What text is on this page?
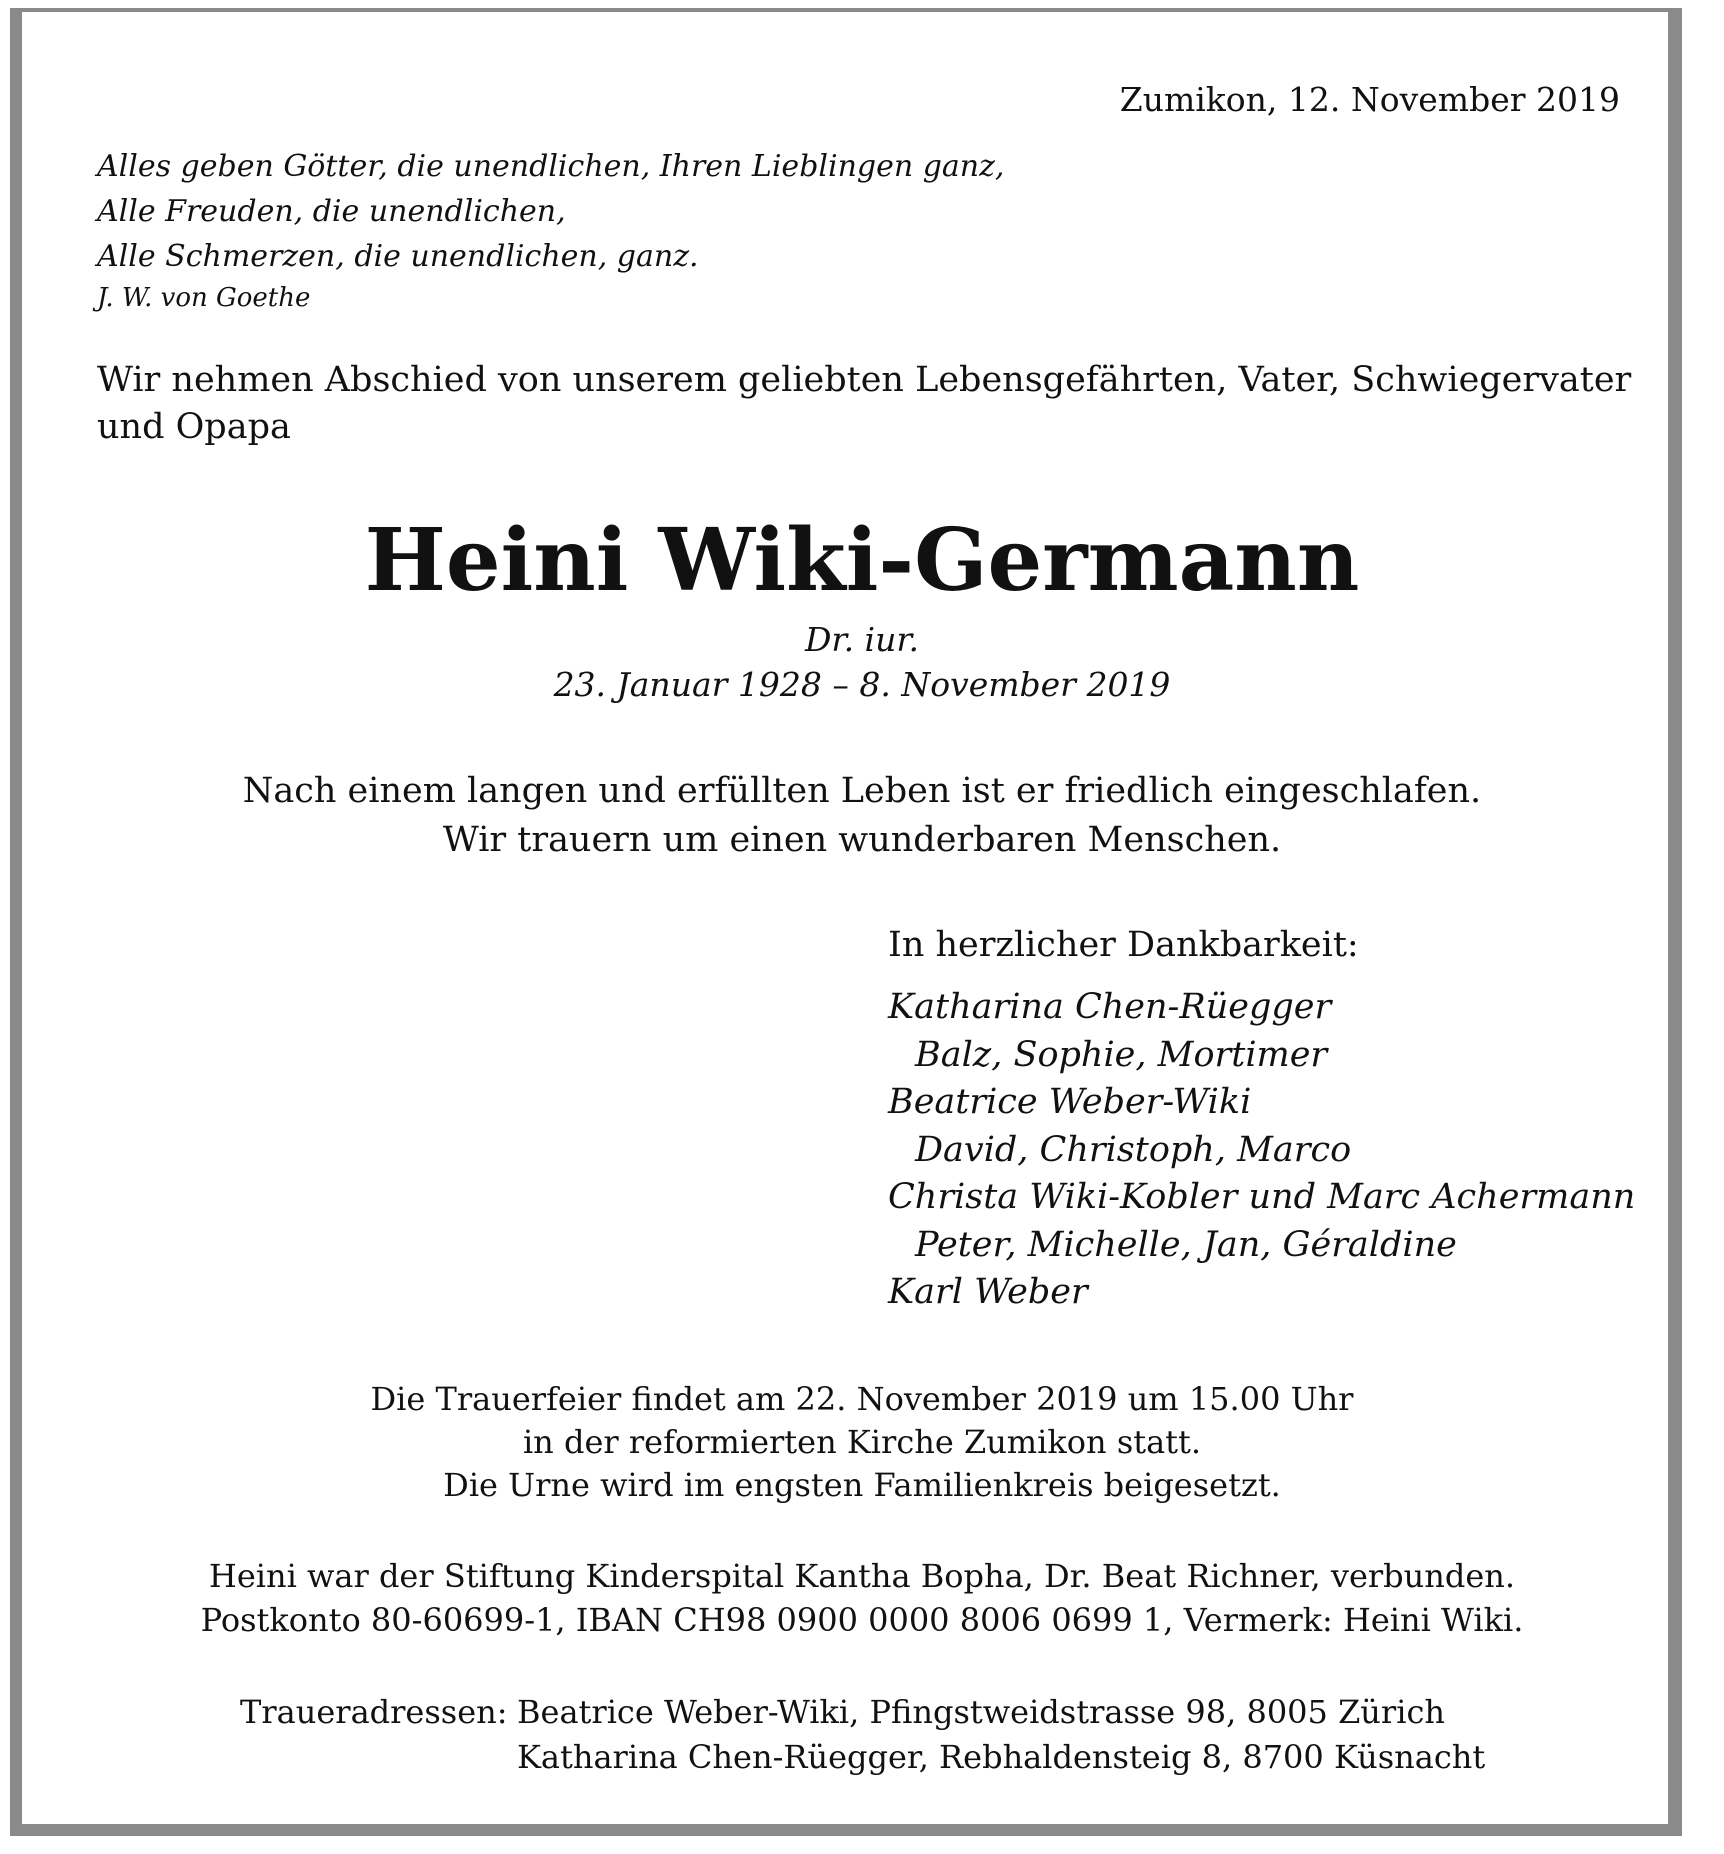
Zumikon, 12. November 2019
Alles geben Götter, die unendlichen, Ihren Lieblingen ganz,
Alle Freuden, die unendlichen,
Alle Schmerzen, die unendlichen, ganz.
J. W. von Goethe
Wir nehmen Abschied von unserem geliebten Lebensgefährten, Vater, Schwiegervater
und Opapa
Heini Wiki-Germann
Dr. iur.
23. Januar 1928 – 8. November 2019
Nach einem langen und erfüllten Leben ist er friedlich eingeschlafen.
Wir trauern um einen wunderbaren Menschen.
In herzlicher Dankbarkeit:
Katharina Chen-Rüegger
Balz, Sophie, Mortimer
Beatrice Weber-Wiki
David, Christoph, Marco
Christa Wiki-Kobler und Marc Achermann
Peter, Michelle, Jan, Géraldine
Karl Weber
Die Trauerfeier findet am 22. November 2019 um 15.00 Uhr
in der reformierten Kirche Zumikon statt.
Die Urne wird im engsten Familienkreis beigesetzt.
Heini war der Stiftung Kinderspital Kantha Bopha, Dr. Beat Richner, verbunden.
Postkonto 80-60699-1, IBAN CH98 0900 0000 8006 0699 1, Vermerk: Heini Wiki.
Traueradressen: Beatrice Weber-Wiki, Pfingstweidstrasse 98, 8005 Zürich
Katharina Chen-Rüegger, Rebhaldensteig 8, 8700 Küsnacht
